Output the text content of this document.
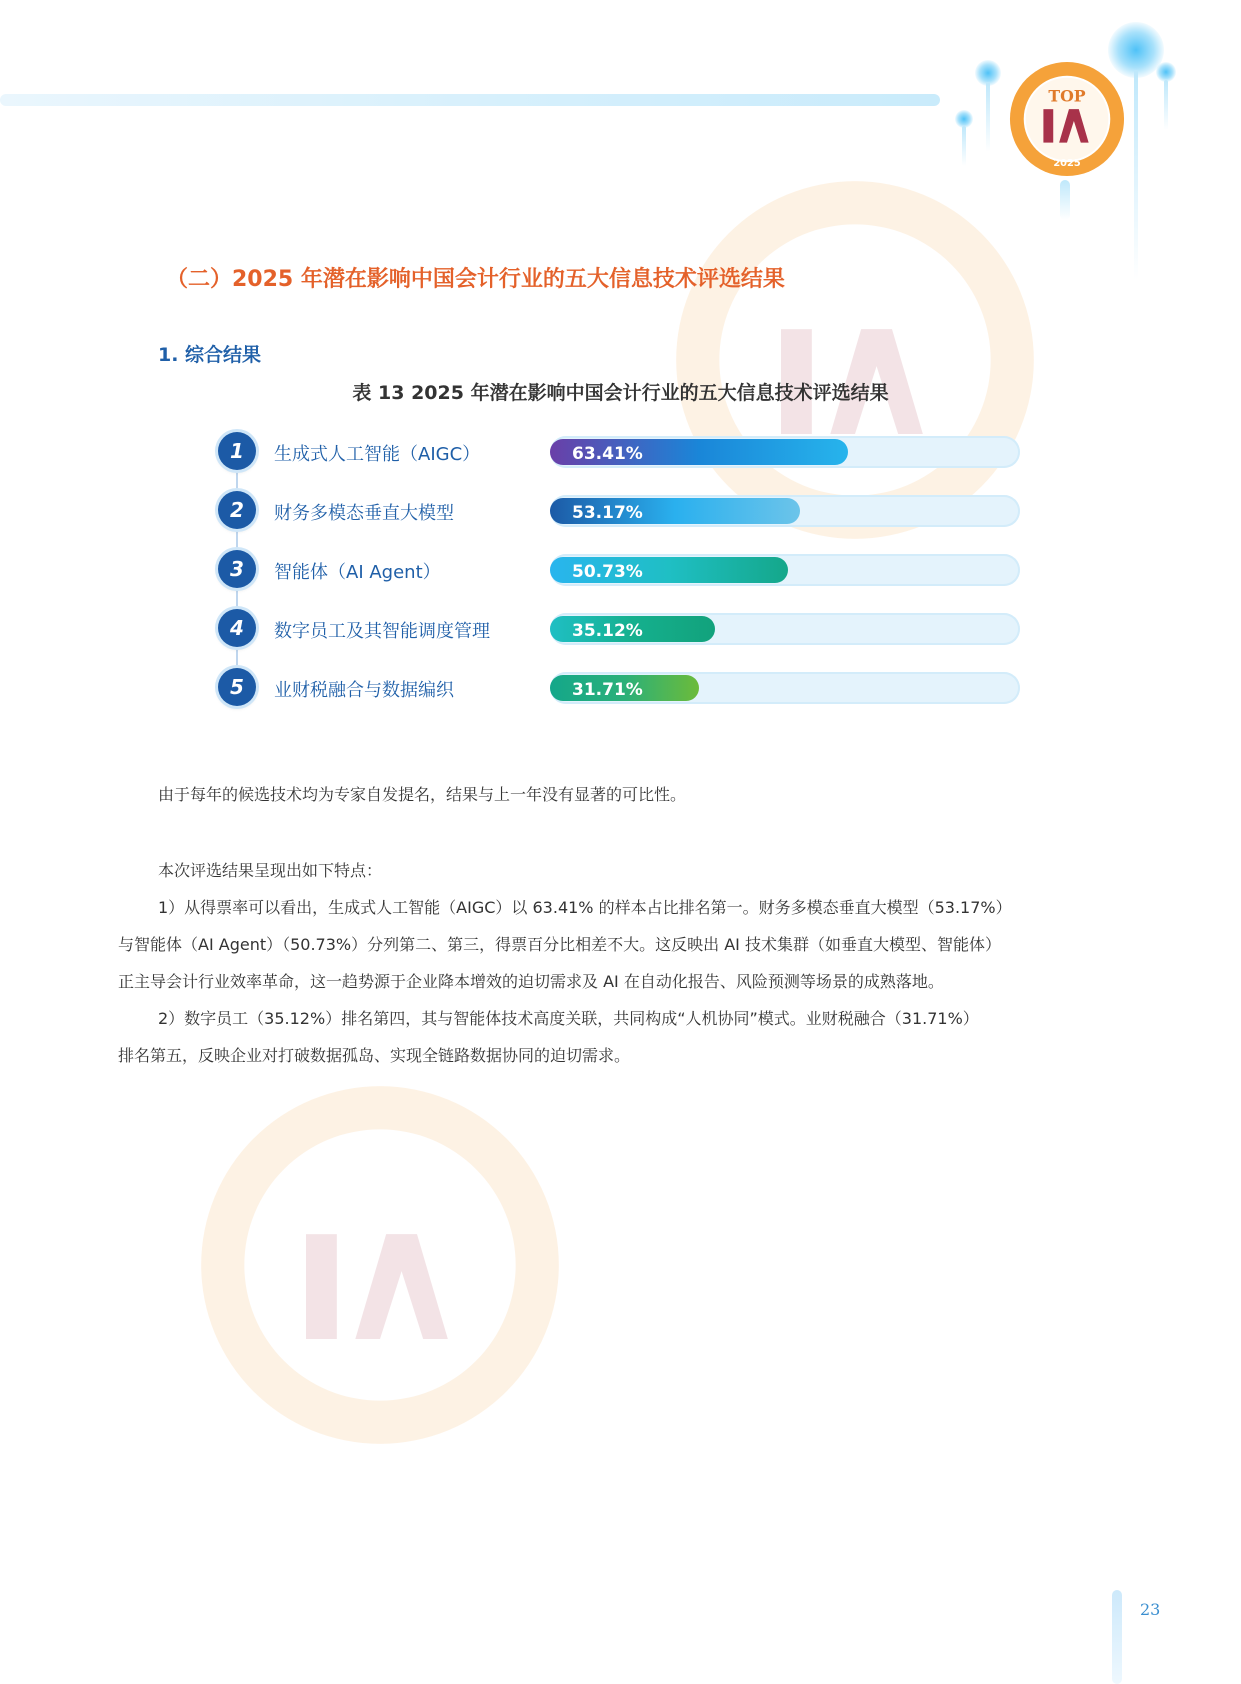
TOP
2025
（二）2025 年潜在影响中国会计行业的五大信息技术评选结果
1. 综合结果
表 13 2025 年潜在影响中国会计行业的五大信息技术评选结果
1 生成式人工智能（AIGC）	63.41%
2 财务多模态垂直大模型	53.17%
3 智能体（AI Agent）	50.73%
4 数字员工及其智能调度管理	35.12%
5 业财税融合与数据编织	31.71%
由于每年的候选技术均为专家自发提名，结果与上一年没有显著的可比性。
本次评选结果呈现出如下特点：
1）从得票率可以看出，生成式人工智能（AIGC）以 63.41% 的样本占比排名第一。财务多模态垂直大模型（53.17%）
与智能体（AI Agent）（50.73%）分列第二、第三，得票百分比相差不大。这反映出 AI 技术集群（如垂直大模型、智能体）
正主导会计行业效率革命，这一趋势源于企业降本增效的迫切需求及 AI 在自动化报告、风险预测等场景的成熟落地。
2）数字员工（35.12%）排名第四，其与智能体技术高度关联，共同构成“人机协同”模式。业财税融合（31.71%）
排名第五，反映企业对打破数据孤岛、实现全链路数据协同的迫切需求。
23
